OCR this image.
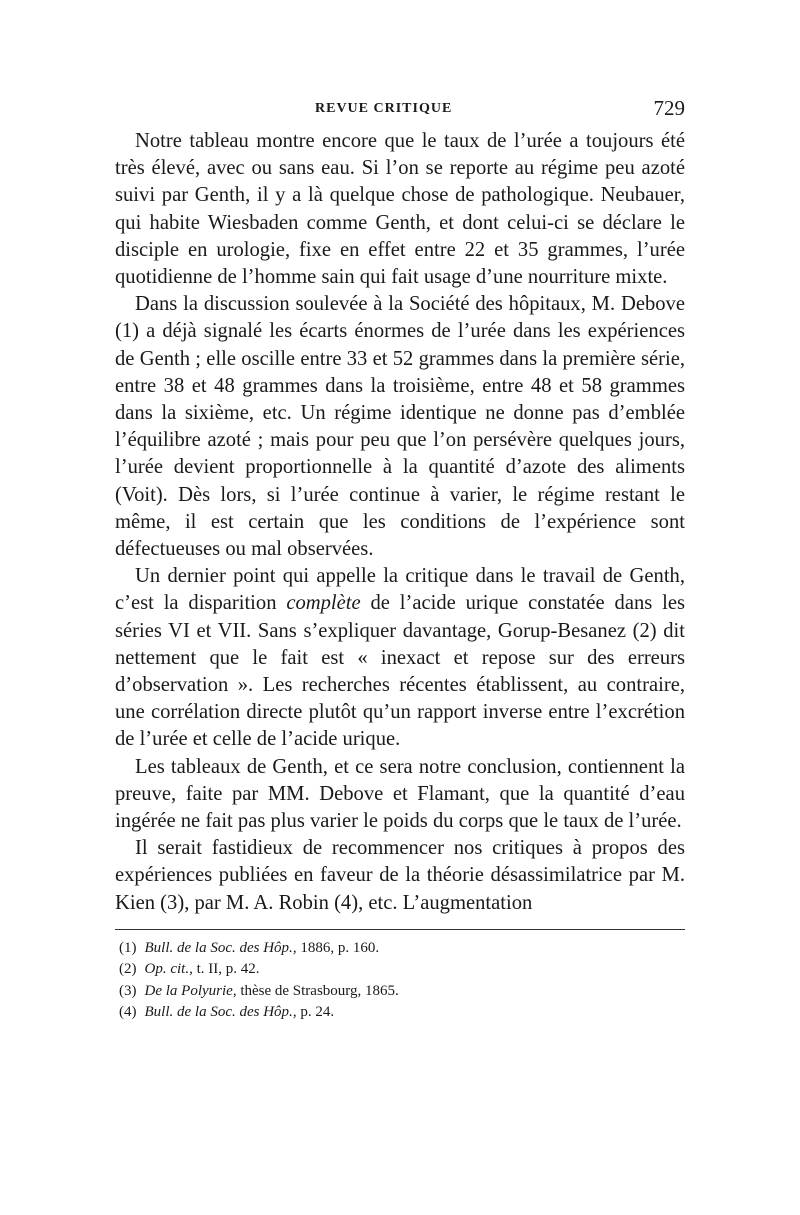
REVUE CRITIQUE	729

Notre tableau montre encore que le taux de l’urée a toujours été très élevé, avec ou sans eau. Si l’on se reporte au régime peu azoté suivi par Genth, il y a là quelque chose de pathologique. Neubauer, qui habite Wiesbaden comme Genth, et dont celui-ci se déclare le disciple en urologie, fixe en effet entre 22 et 35 grammes, l’urée quotidienne de l’homme sain qui fait usage d’une nourriture mixte.

Dans la discussion soulevée à la Société des hôpitaux, M. Debove (1) a déjà signalé les écarts énormes de l’urée dans les expériences de Genth ; elle oscille entre 33 et 52 grammes dans la première série, entre 38 et 48 grammes dans la troisième, entre 48 et 58 grammes dans la sixième, etc. Un régime identique ne donne pas d’emblée l’équilibre azoté ; mais pour peu que l’on persévère quelques jours, l’urée devient proportionnelle à la quantité d’azote des aliments (Voit). Dès lors, si l’urée continue à varier, le régime restant le même, il est certain que les conditions de l’expérience sont défectueuses ou mal observées.

Un dernier point qui appelle la critique dans le travail de Genth, c’est la disparition complète de l’acide urique constatée dans les séries VI et VII. Sans s’expliquer davantage, Gorup-Besanez (2) dit nettement que le fait est « inexact et repose sur des erreurs d’observation ». Les recherches récentes établissent, au contraire, une corrélation directe plutôt qu’un rapport inverse entre l’excrétion de l’urée et celle de l’acide urique.

Les tableaux de Genth, et ce sera notre conclusion, contiennent la preuve, faite par MM. Debove et Flamant, que la quantité d’eau ingérée ne fait pas plus varier le poids du corps que le taux de l’urée.

Il serait fastidieux de recommencer nos critiques à propos des expériences publiées en faveur de la théorie désassimilatrice par M. Kien (3), par M. A. Robin (4), etc. L’augmentation

(1) Bull. de la Soc. des Hôp., 1886, p. 160.
(2) Op. cit., t. II, p. 42.
(3) De la Polyurie, thèse de Strasbourg, 1865.
(4) Bull. de la Soc. des Hôp., p. 24.
